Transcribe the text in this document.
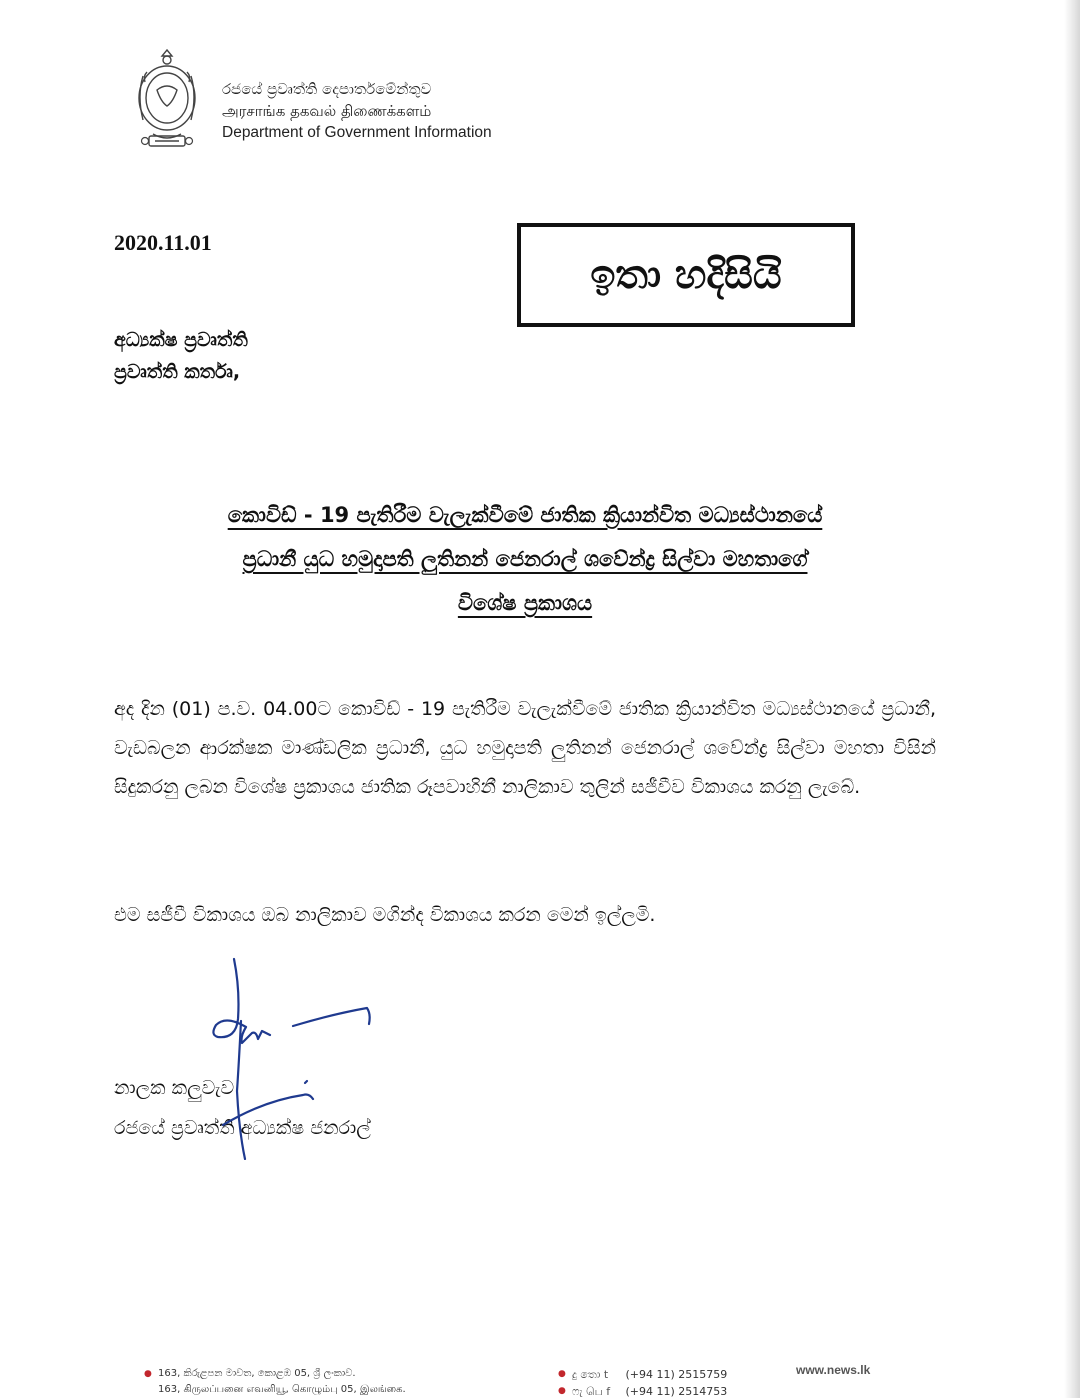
රජයේ ප්‍රවෘත්ති දෙපාර්තමේන්තුව
அரசாங்க தகவல் திணைக்களம்
Department of Government Information
2020.11.01
ඉතා හදිසියි
අධ්‍යක්ෂ ප්‍රවෘත්ති
ප්‍රවෘත්ති කර්තෘ,
කොවිඩ් - 19 පැතිරීම වැලැක්වීමේ ජාතික ක්‍රියාන්විත මධ්‍යස්ථානයේ
ප්‍රධානී යුධ හමුදාපති ලුතිනන් ජෙනරාල් ශවේන්ද්‍ර සිල්වා මහතාගේ
විශේෂ ප්‍රකාශය
අද දින (01) ප.ව. 04.00ට කොවිඩ් - 19 පැතිරීම වැලැක්වීමේ ජාතික ක්‍රියාන්විත මධ්‍යස්ථානයේ ප්‍රධානී, වැඩබලන ආරක්ෂක මාණ්ඩලික ප්‍රධානී, යුධ හමුදාපති ලුතිනන් ජෙනරාල් ශවේන්ද්‍ර සිල්වා මහතා විසින් සිදුකරනු ලබන විශේෂ ප්‍රකාශය ජාතික රූපවාහිනී නාලිකාව තුලින් සජීවීව විකාශය කරනු ලැබේ.
එම සජීවී විකාශය ඔබ නාලිකාව මගින්ද විකාශය කරන මෙන් ඉල්ලමි.
නාලක කලුවැව
රජයේ ප්‍රවෘත්ති අධ්‍යක්ෂ ජනරාල්
● 163, කිරුළපන මාවත, කොළඹ 05, ශ්‍රී ලංකාව.
163, கிருலப்பனை எவனியூ, கொழும்பு 05, இலங்கை.
● දු තො t (+94 11) 2515759
● ෆැ பெ f (+94 11) 2514753
www.news.lk
